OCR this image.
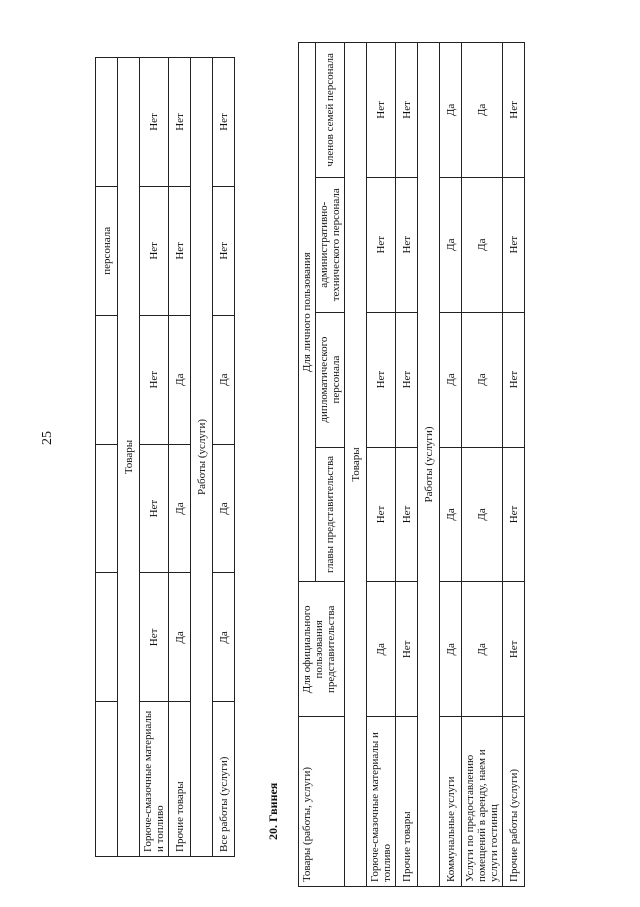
25
				персонала	
Товары					
Горюче-смазочные материалы и топливо	Нет	Нет	Нет	Нет	Нет
Прочие товары	Да	Да	Да	Нет	Нет
Работы (услуги)					
Все работы (услуги)	Да	Да	Да	Нет	Нет
20. Гвинея Товары (работы, услуги)	Для официального пользования представительства	Для личного пользования			
		главы представительства	дипломатического персонала	административно-технического персонала	членов семей персонала
Товары					
Горюче-смазочные материалы и топливо	Да	Нет	Нет	Нет	Нет
Прочие товары	Нет	Нет	Нет	Нет	Нет
Работы (услуги)					
Коммунальные услуги	Да	Да	Да	Да	Да
Услуги по предоставлению помещений в аренду, наем и услуги гостиниц	Да	Да	Да	Да	Да
Прочие работы (услуги)	Нет	Нет	Нет	Нет	Нет
